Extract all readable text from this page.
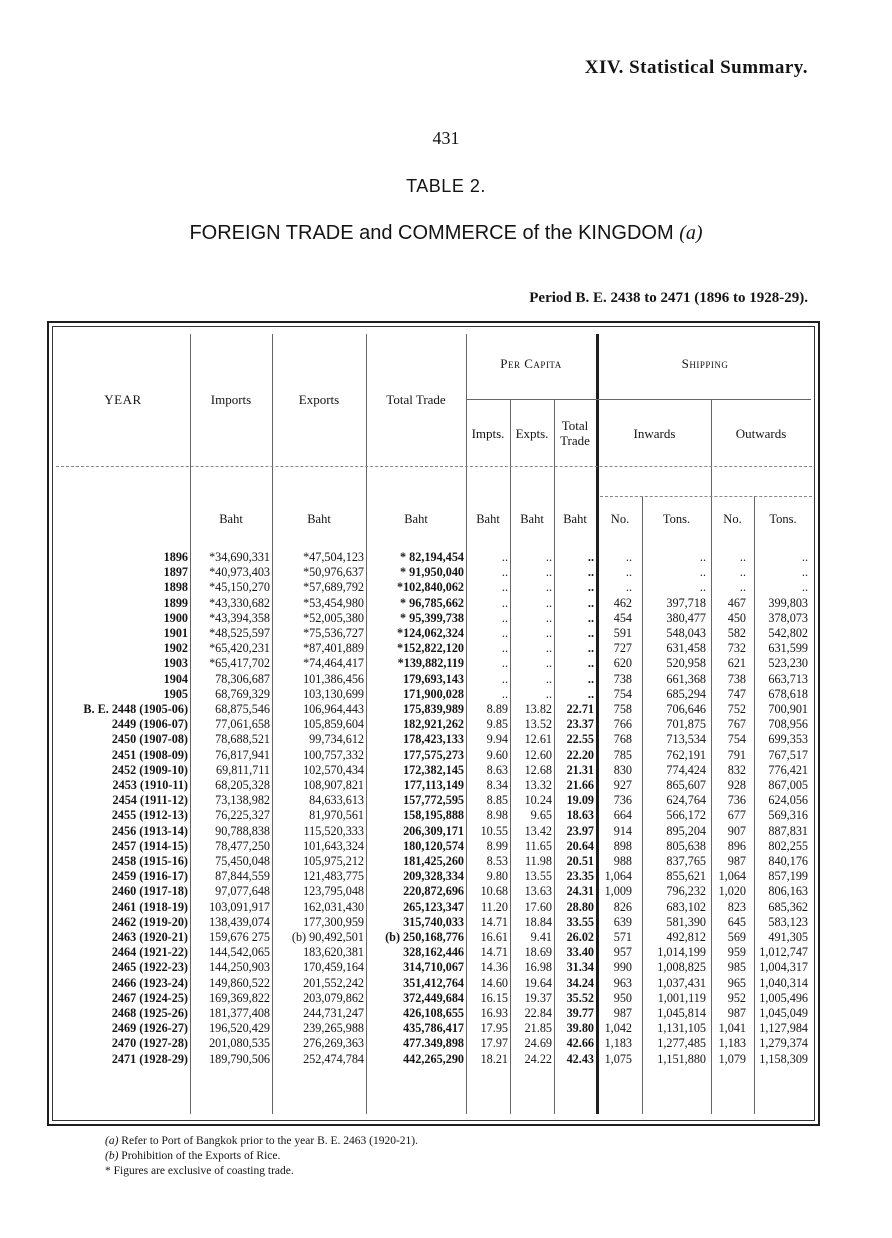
XIV. Statistical Summary.
431
TABLE 2.
FOREIGN TRADE and COMMERCE of the KINGDOM (a)
Period B. E. 2438 to 2471 (1896 to 1928-29).
YEAR	Imports	Exports	Total Trade
Per Capita	Shipping
Impts. Expts.
Total
Trade	Inwards	Outwards
Baht	Baht	Baht	Baht	Baht	Baht	No.	Tons.	No.	Tons.
1896 *34,690,331	*47,504,123	* 82,194,454	..	..	..	..	..	..	..
1897 *40,973,403	*50,976,637	* 91,950,040	..	..	..	..	..	..	..
1898 *45,150,270	*57,689,792	*102,840,062	..	..	..	..	..	..	..
1899 *43,330,682	*53,454,980	* 96,785,662	..	..	.. 462	397,718 467 399,803
1900 *43,394,358	*52,005,380	* 95,399,738	..	..	.. 454	380,477 450 378,073
1901 *48,525,597	*75,536,727	*124,062,324	..	..	.. 591	548,043 582 542,802
1902 *65,420,231	*87,401,889	*152,822,120	..	..	.. 727	631,458 732 631,599
1903 *65,417,702	*74,464,417	*139,882,119	..	..	.. 620	520,958 621 523,230
1904 78,306,687	101,386,456	179,693,143	..	..	.. 738	661,368 738 663,713
1905 68,769,329	103,130,699	171,900,028	..	..	.. 754	685,294 747 678,618
B. E. 2448 (1905-06) 68,875,546	106,964,443	175,839,989 8.89 13.82 22.71 758	706,646 752 700,901
2449 (1906-07) 77,061,658	105,859,604	182,921,262 9.85 13.52 23.37 766	701,875 767 708,956
2450 (1907-08) 78,688,521	99,734,612	178,423,133 9.94 12.61 22.55 768	713,534 754 699,353
2451 (1908-09) 76,817,941	100,757,332	177,575,273 9.60 12.60 22.20 785	762,191 791 767,517
2452 (1909-10) 69,811,711	102,570,434	172,382,145 8.63 12.68 21.31 830	774,424 832 776,421
2453 (1910-11) 68,205,328	108,907,821	177,113,149 8.34 13.32 21.66 927	865,607 928 867,005
2454 (1911-12) 73,138,982	84,633,613	157,772,595 8.85 10.24 19.09 736	624,764 736 624,056
2455 (1912-13) 76,225,327	81,970,561	158,195,888 8.98 9.65 18.63 664	566,172 677 569,316
2456 (1913-14) 90,788,838	115,520,333	206,309,171 10.55 13.42 23.97 914	895,204 907 887,831
2457 (1914-15) 78,477,250	101,643,324	180,120,574 8.99 11.65 20.64 898	805,638 896 802,255
2458 (1915-16) 75,450,048	105,975,212	181,425,260 8.53 11.98 20.51 988	837,765 987 840,176
2459 (1916-17) 87,844,559	121,483,775	209,328,334 9.80 13.55 23.35 1,064	855,621 1,064 857,199
2460 (1917-18) 97,077,648	123,795,048	220,872,696 10.68 13.63 24.31 1,009	796,232 1,020 806,163
2461 (1918-19) 103,091,917	162,031,430	265,123,347 11.20 17.60 28.80 826	683,102 823 685,362
2462 (1919-20) 138,439,074	177,300,959	315,740,033 14.71 18.84 33.55 639	581,390 645 583,123
2463 (1920-21) 159,676 275 (b) 90,492,501 (b) 250,168,776 16.61 9.41 26.02 571	492,812 569 491,305
2464 (1921-22) 144,542,065	183,620,381	328,162,446 14.71 18.69 33.40 957 1,014,199 959 1,012,747
2465 (1922-23) 144,250,903	170,459,164	314,710,067 14.36 16.98 31.34 990 1,008,825 985 1,004,317
2466 (1923-24) 149,860,522	201,552,242	351,412,764 14.60 19.64 34.24 963 1,037,431 965 1,040,314
2467 (1924-25) 169,369,822	203,079,862	372,449,684 16.15 19.37 35.52 950 1,001,119 952 1,005,496
2468 (1925-26) 181,377,408	244,731,247	426,108,655 16.93 22.84 39.77 987 1,045,814 987 1,045,049
2469 (1926-27) 196,520,429	239,265,988	435,786,417 17.95 21.85 39.80 1,042 1,131,105 1,041 1,127,984
2470 (1927-28) 201,080,535	276,269,363	477.349,898 17.97 24.69 42.66 1,183 1,277,485 1,183 1,279,374
2471 (1928-29) 189,790,506	252,474,784	442,265,290 18.21 24.22 42.43 1,075 1,151,880 1,079 1,158,309
(a) Refer to Port of Bangkok prior to the year B. E. 2463 (1920-21).
(b) Prohibition of the Exports of Rice.
* Figures are exclusive of coasting trade.
